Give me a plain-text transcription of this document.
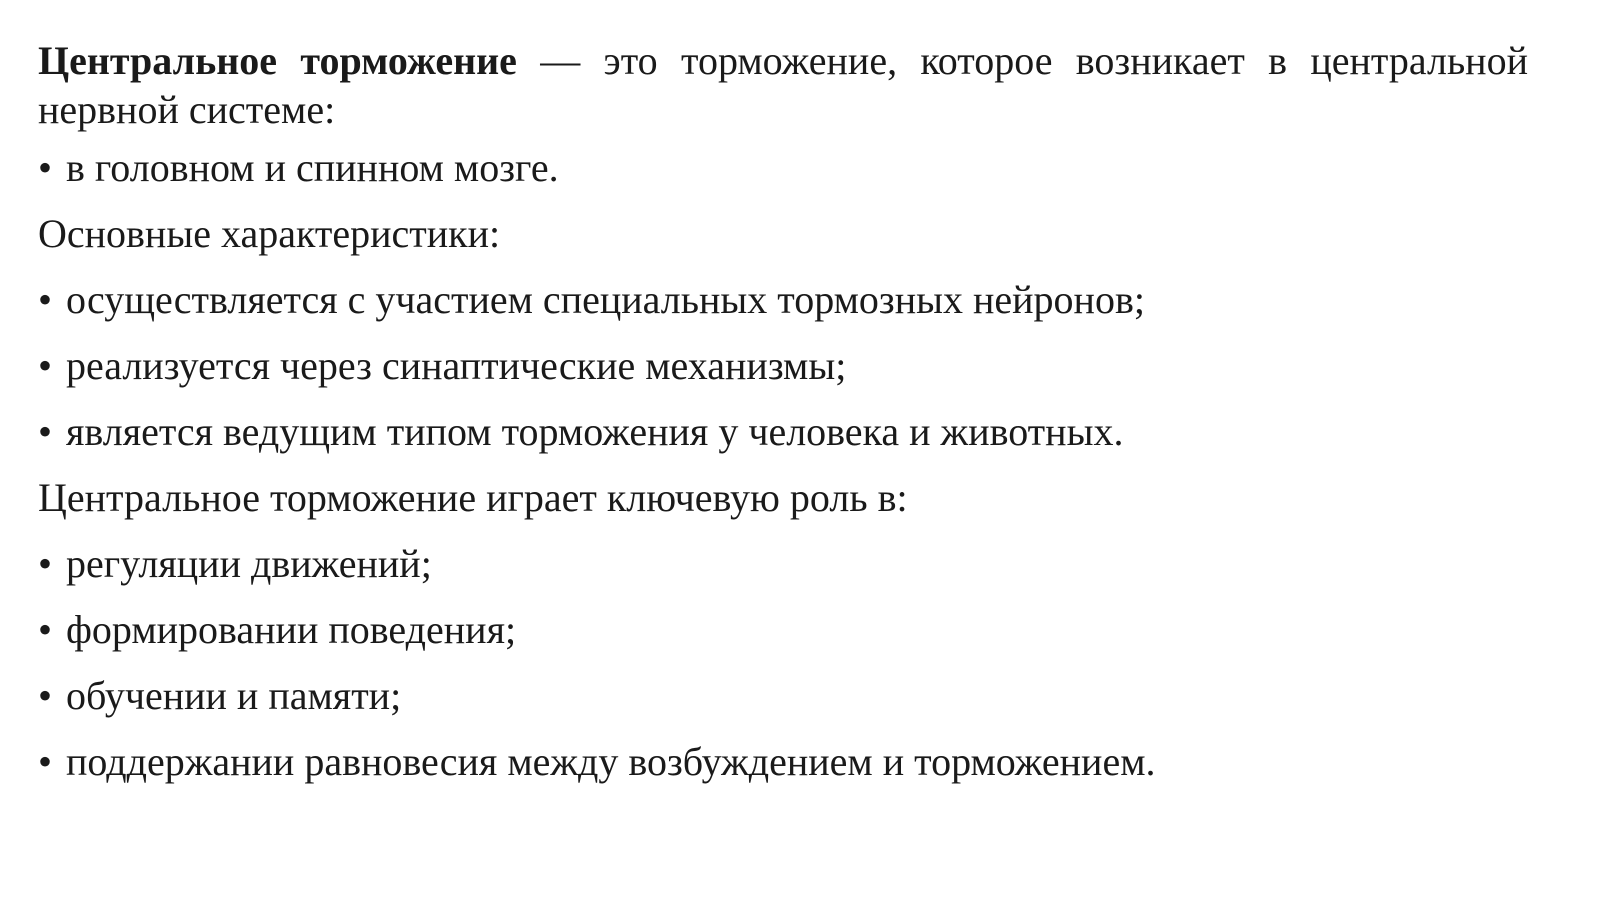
Центральное торможение — это торможение, которое возникает в центральной нервной системе:

• в головном и спинном мозге.

Основные характеристики:

• осуществляется с участием специальных тормозных нейронов;
• реализуется через синаптические механизмы;
• является ведущим типом торможения у человека и животных.

Центральное торможение играет ключевую роль в:

• регуляции движений;
• формировании поведения;
• обучении и памяти;
• поддержании равновесия между возбуждением и торможением.
